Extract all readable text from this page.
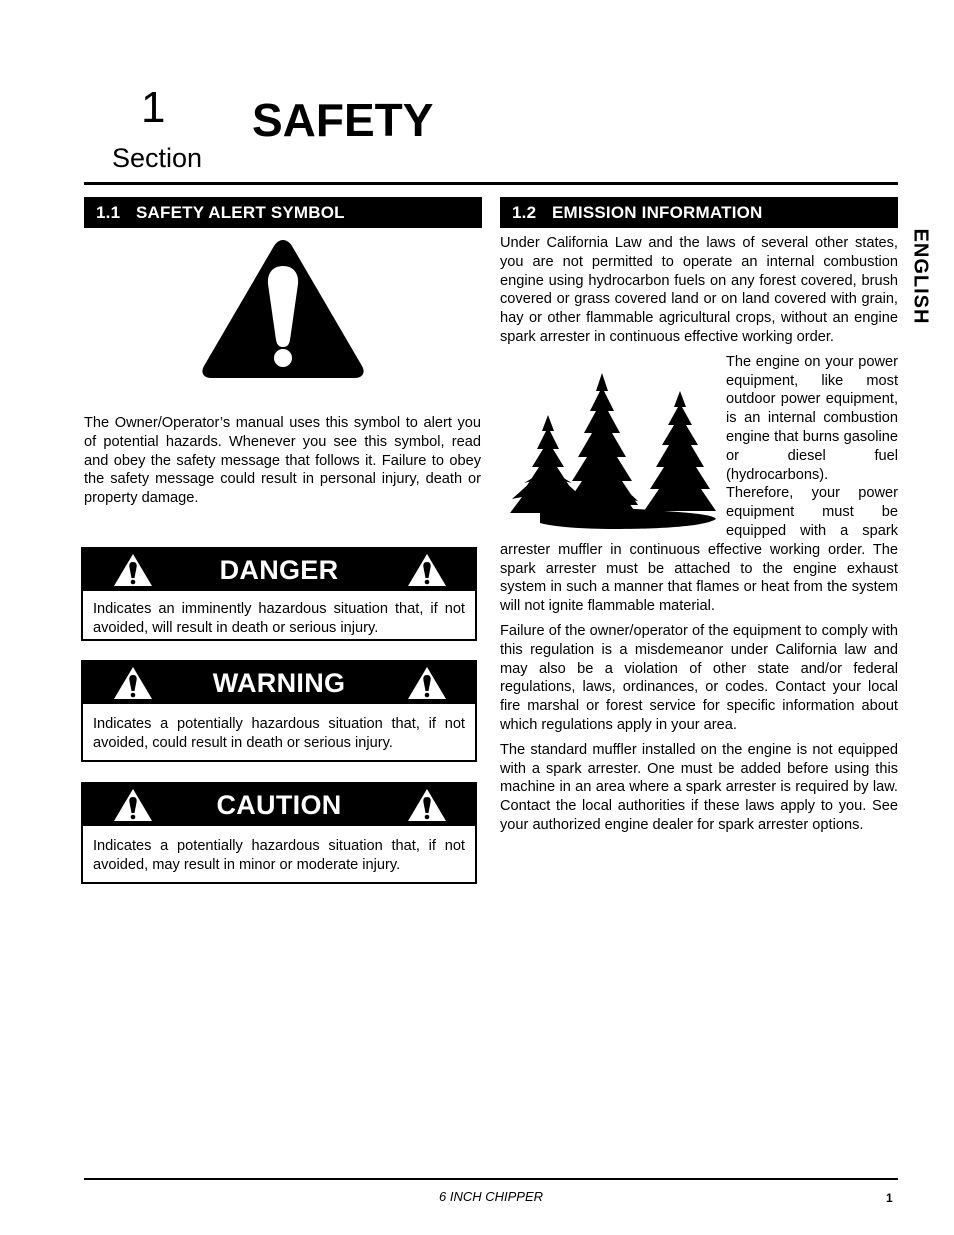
1
Section
SAFETY
ENGLISH
1.1 SAFETY ALERT SYMBOL

The Owner/Operator’s manual uses this symbol to alert you of potential hazards. Whenever you see this symbol, read and obey the safety message that follows it. Failure to obey the safety message could result in personal injury, death or property damage.

DANGER
Indicates an imminently hazardous situation that, if not avoided, will result in death or serious injury.
WARNING
Indicates a potentially hazardous situation that, if not avoided, could result in death or serious injury.
CAUTION
Indicates a potentially hazardous situation that, if not avoided, may result in minor or moderate injury.
1.2 EMISSION INFORMATION

Under California Law and the laws of several other states, you are not permitted to operate an internal combustion engine using hydrocarbon fuels on any forest covered, brush covered or grass covered land or on land covered with grain, hay or other flammable agricultural crops, without an engine spark arrester in continuous effective working order.

The engine on your power equipment, like most outdoor power equipment, is an internal combustion engine that burns gasoline or diesel fuel (hydrocarbons). Therefore, your power equipment must be equipped with a spark arrester muffler in continuous effective working order. The spark arrester must be attached to the engine exhaust system in such a manner that flames or heat from the system will not ignite flammable material.

Failure of the owner/operator of the equipment to comply with this regulation is a misdemeanor under California law and may also be a violation of other state and/or federal regulations, laws, ordinances, or codes. Contact your local fire marshal or forest service for specific information about which regulations apply in your area.

The standard muffler installed on the engine is not equipped with a spark arrester. One must be added before using this machine in an area where a spark arrester is required by law. Contact the local authorities if these laws apply to you. See your authorized engine dealer for spark arrester options.

6 INCH CHIPPER	1
